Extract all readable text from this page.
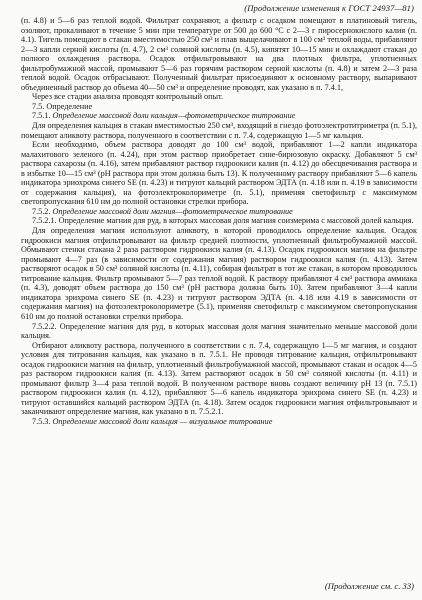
(Продолжение изменения к ГОСТ 24937—81)

(п. 4.8) и 5—6 раз теплой водой. Фильтрат сохраняют, а фильтр с осадком помещают в платиновый тигель, озоляют, прокаливают в течение 5 мин при температуре от 500 до 600 °С с 2—3 г пиросернокислого калия (п. 4.1). Тигель помещают в стакан вместимостью 250 см³ и плав выщелачивают в 100 см³ теплой воды, прибавляют 2—3 капли серной кислоты (п. 4.7), 2 см³ соляной кислоты (п. 4.5), кипятят 10—15 мин и охлаждают стакан до полного охлаждения раствора. Осадок отфильтровывают на два плотных фильтра, уплотненных фильтробумажной массой, промывают 5—6 раз горячим раствором серной кислоты (п. 4.8) и затем 2—3 раза теплой водой. Осадок отбрасывают. Полученный фильтрат присоединяют к основному раствору, выпаривают объединенный раствор до объема 40—50 см³ и определение проводят, как указано в п. 7.4.1,

Через все стадии анализа проводят контрольный опыт.

7.5. Определение

7.5.1. Определение массовой доли кальция—фотометрическое титрование

Для определения кальция в стакан вместимостью 250 см³, входящий в гнездо фотоэлектротитриметра (п. 5.1), помещают аликвоту раствора, полученного в соответствии с п. 7.4, содержащую 1—5 мг кальция.

Если необходимо, объем раствора доводят до 100 см³ водой, прибавляют 1—2 капли индикатора малахитового зеленого (п. 4.24), при этом раствор приобретает сине-бирюзовую окраску. Добавляют 5 см³ раствора сахарозы (п. 4.16), затем прибавляют раствор гидроокиси калия (п. 4.12) до обесцвечивания раствора и в избытке 10—15 см³ (pH раствора при этом должна быть 13). К полученному раствору прибавляют 5—6 капель индикатора эриохрома синего SE (п. 4.23) и титруют кальций раствором ЭДТА (п. 4.18 или п. 4.19 в зависимости от содержания кальция), на фотоэлектроколориметре (п. 5.1), применяя светофильтр с максимумом светопропускания 610 нм до полной остановки стрелки прибора.

7.5.2. Определение массовой доли магния—фотометрическое титрование

7.5.2.1. Определение магния для руд, в которых массовая доля магния соизмерима с массовой долей кальция.

Для определения магния используют аликвоту, в которой проводилось определение кальция. Осадок гидроокиси магния отфильтровывают на фильтр средней плотности, уплотненный фильтробумажной массой. Обмывают стенки стакана 2 раза раствором гидроокиси калия (п. 4.13). Осадок гидроокиси магния на фильтре промывают 4—7 раз (в зависимости от содержания магния) раствором гидроокиси калия (п. 4.13). Затем растворяют осадок в 50 см³ соляной кислоты (п. 4.11), собирая фильтрат в тот же стакан, в котором проводилось титрование кальция. Фильтр промывают 5—7 раз теплой водой. К раствору прибавляют 4 см³ раствора аммиака (п. 4.3), доводят объем раствора до 150 см³ (pH раствора должна быть 10). Затем прибавляют 3—4 капли индикатора эрихрома синего SE (п. 4.23) и титруют раствором ЭДТА (п. 4.18 или 4.19 в зависимости от содержания магния) на фотоэлектроколориметре (5.1), применяя светофильтр с максимумом светопропускания 610 нм до полной остановки стрелки прибора.

7.5.2.2. Определение магния для руд, в которых массовая доля магния значительно меньше массовой доли кальция.

Отбирают аликвоту раствора, полученного в соответствии с п. 7.4, содержащую 1—5 мг магния, и создают условия для титрования кальция, как указано в п. 7.5.1. Не проводя титрование кальция, отфильтровывают осадок гидроокиси магния на фильтр, уплотненный фильтробумажной массой, промывают стакан и осадок 4—5 раз раствором гидроокиси калия (п. 4.13). Затем растворяют осадок в 50 см³ соляной кислоты (п. 4.11) и промывают фильтр 3—4 раза теплой водой. В полученном растворе вновь создают величину pH 13 (п. 7.5.1) раствором гидроокиси калия (п. 4.12), прибавляют 5—6 капель индикатора эрихрома синего SE (п. 4.23) и титруют оставшийся кальций раствором ЭДТА (п. 4.18). Затем осадок гидроокиси магния отфильтровывают и заканчивают определение магния, как указано в п. 7.5.2.1.

7.5.3. Определение массовой доли кальция — визуальное титрование

(Продолжение см. с. 33)
